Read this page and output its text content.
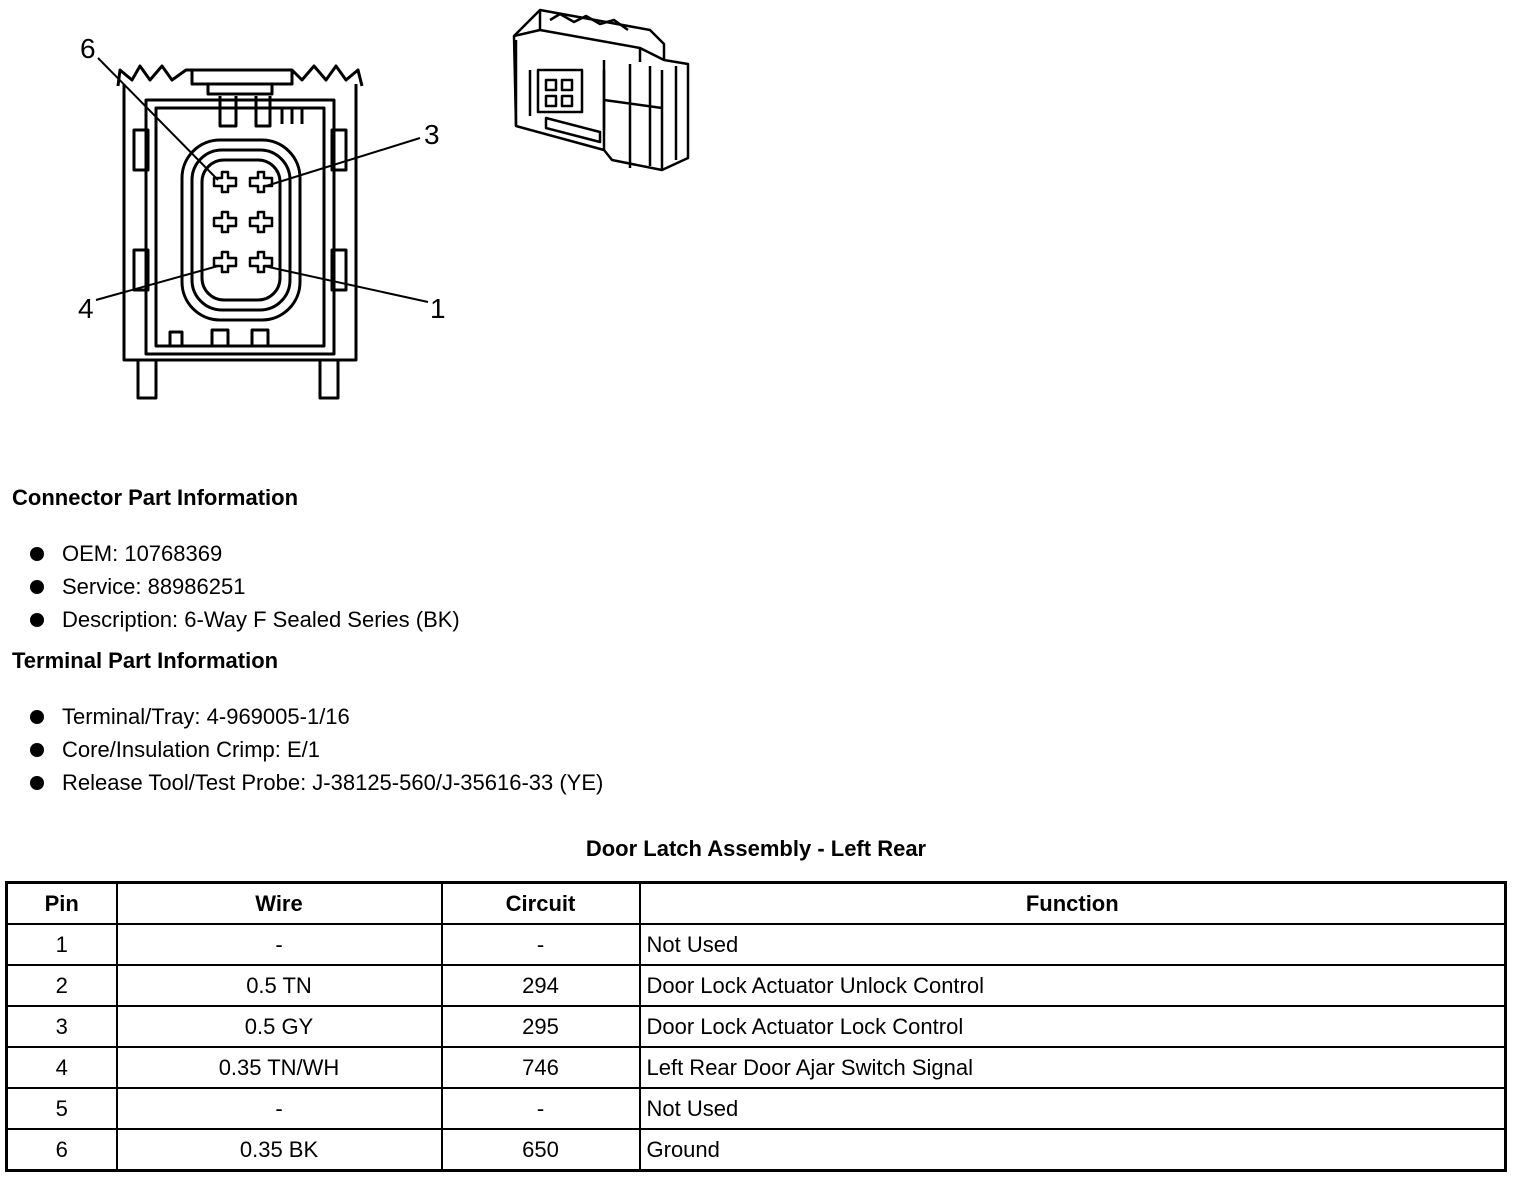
6
3
4	1
Connector Part Information
OEM: 10768369
Service: 88986251
Description: 6-Way F Sealed Series (BK)
Terminal Part Information
Terminal/Tray: 4-969005-1/16
Core/Insulation Crimp: E/1
Release Tool/Test Probe: J-38125-560/J-35616-33 (YE)
Door Latch Assembly - Left Rear
Pin	Wire	Circuit	Function
1	-	-	Not Used
2	0.5 TN	294	Door Lock Actuator Unlock Control
3	0.5 GY	295	Door Lock Actuator Lock Control
4	0.35 TN/WH	746	Left Rear Door Ajar Switch Signal
5	-	-	Not Used
6	0.35 BK	650	Ground
